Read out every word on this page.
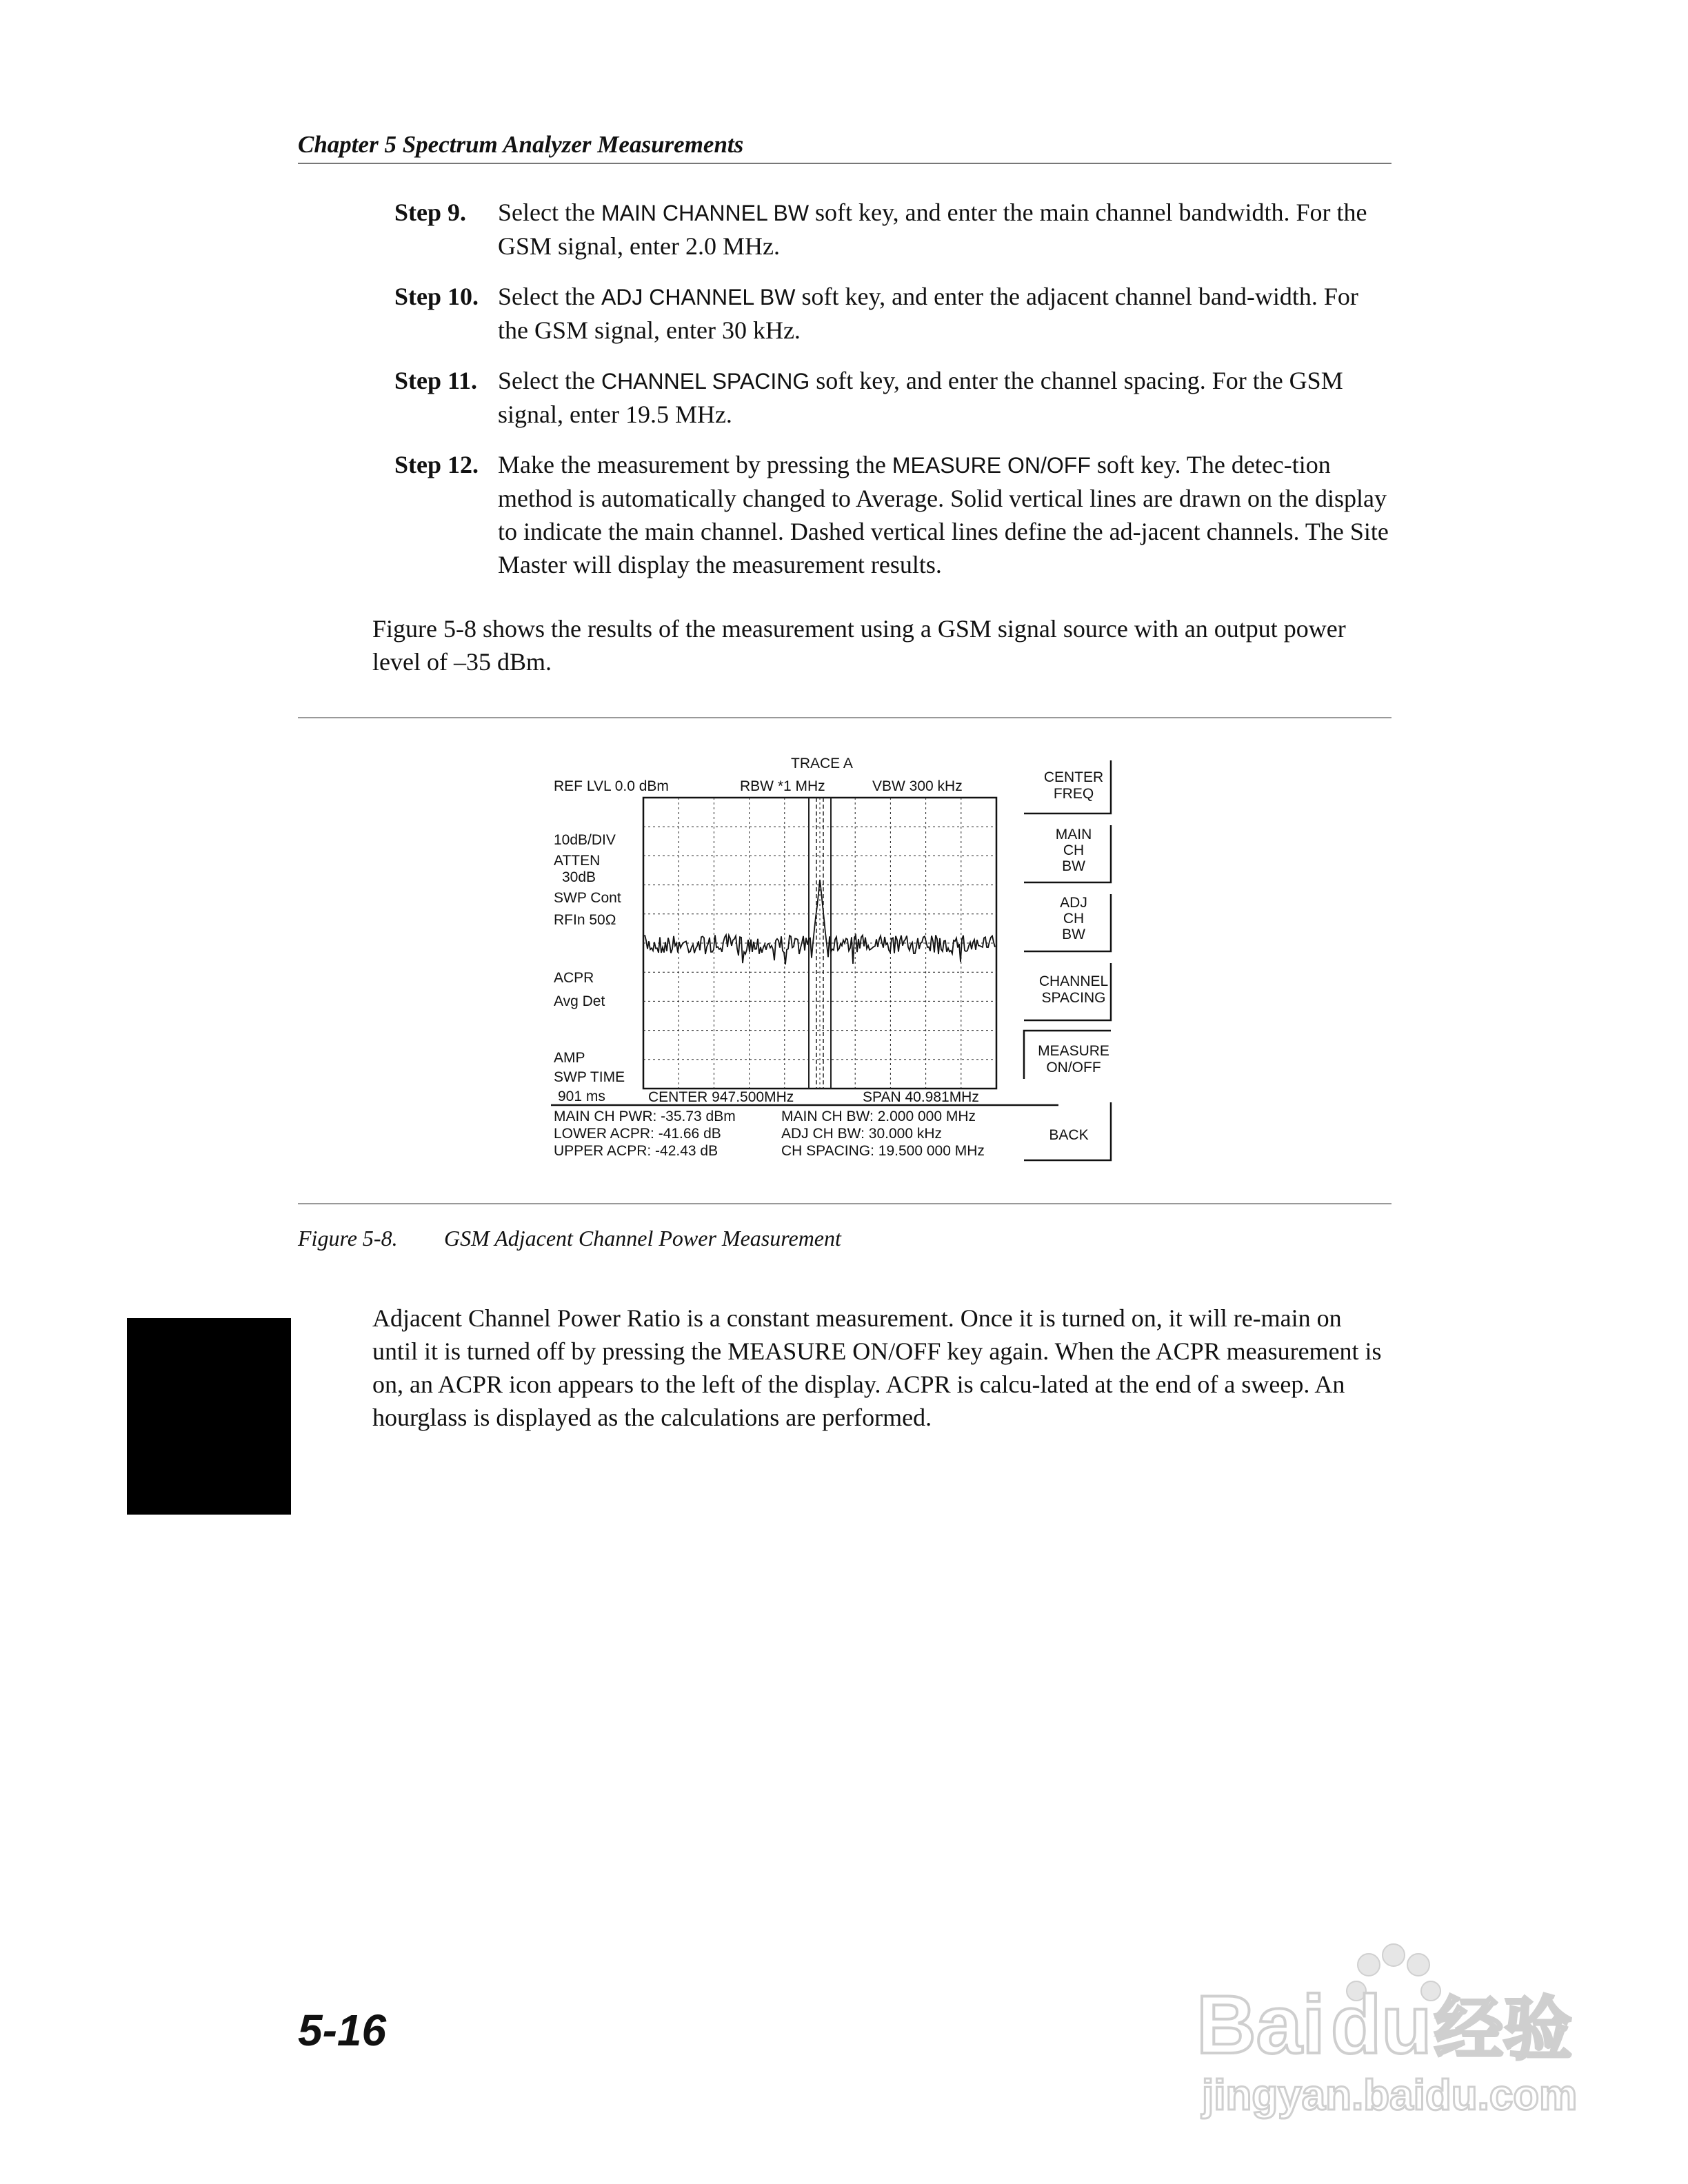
Chapter 5 Spectrum Analyzer Measurements
Step 9. Select the MAIN CHANNEL BW soft key, and enter the main channel bandwidth. For the GSM signal, enter 2.0 MHz.
Step 10. Select the ADJ CHANNEL BW soft key, and enter the adjacent channel band-width. For the GSM signal, enter 30 kHz.
Step 11. Select the CHANNEL SPACING soft key, and enter the channel spacing. For the GSM signal, enter 19.5 MHz.
Step 12. Make the measurement by pressing the MEASURE ON/OFF soft key. The detec-tion method is automatically changed to Average. Solid vertical lines are drawn on the display to indicate the main channel. Dashed vertical lines define the ad-jacent channels. The Site Master will display the measurement results.
Figure 5-8 shows the results of the measurement using a GSM signal source with an output power level of –35 dBm.
TRACE A
REF LVL 0.0 dBm	RBW *1 MHz	VBW 300 kHz
10dB/DIV
ATTEN
30dB
SWP Cont
RFIn 50Ω
ACPR
Avg Det
AMP
SWP TIME
901 ms	CENTER 947.500MHz	SPAN 40.981MHz
MAIN CH PWR: -35.73 dBm
LOWER ACPR: -41.66 dB
UPPER ACPR: -42.43 dB
MAIN CH BW: 2.000 000 MHz
ADJ CH BW: 30.000 kHz
CH SPACING: 19.500 000 MHz
CENTER
FREQ
MAIN
CH
BW
ADJ
CH
BW
CHANNEL
SPACING
MEASURE
ON/OFF
BACK
Figure 5-8. GSM Adjacent Channel Power Measurement
Adjacent Channel Power Ratio is a constant measurement. Once it is turned on, it will re-main on until it is turned off by pressing the MEASURE ON/OFF key again. When the ACPR measurement is on, an ACPR icon appears to the left of the display. ACPR is calcu-lated at the end of a sweep. An hourglass is displayed as the calculations are performed.
5-16	Bai du 经验
jingyan.baidu.com
